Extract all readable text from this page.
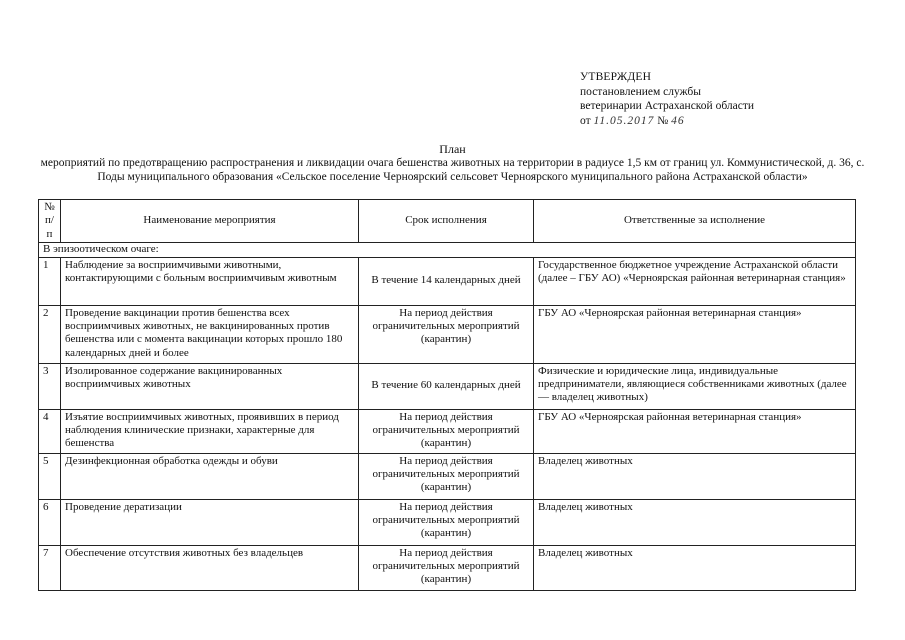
УТВЕРЖДЕН
постановлением службы
ветеринарии Астраханской области
от 11.05.2017 № 46
План
мероприятий по предотвращению распространения и ликвидации очага бешенства животных на территории в радиусе 1,5 км от границ ул. Коммунистической, д. 36, с. Поды муниципального образования «Сельское поселение Черноярский сельсовет Черноярского муниципального района Астраханской области»
№ п/п	Наименование мероприятия	Срок исполнения	Ответственные за исполнение
В эпизоотическом очаге:			
1	Наблюдение за восприимчивыми животными, контактирующими с больным восприимчивым животным	В течение 14 календарных дней	Государственное бюджетное учреждение Астраханской области (далее – ГБУ АО) «Черноярская районная ветеринарная станция»
2	Проведение вакцинации против бешенства всех восприимчивых животных, не вакцинированных против бешенства или с момента вакцинации которых прошло 180 календарных дней и более	На период действия ограничительных мероприятий (карантин)	ГБУ АО «Черноярская районная ветеринарная станция»
3	Изолированное содержание вакцинированных восприимчивых животных	В течение 60 календарных дней	Физические и юридические лица, индивидуальные предприниматели, являющиеся собственниками животных (далее — владелец животных)
4	Изъятие восприимчивых животных, проявивших в период наблюдения клинические признаки, характерные для бешенства	На период действия ограничительных мероприятий (карантин)	ГБУ АО «Черноярская районная ветеринарная станция»
5	Дезинфекционная обработка одежды и обуви	На период действия ограничительных мероприятий (карантин)	Владелец животных
6	Проведение дератизации	На период действия ограничительных мероприятий (карантин)	Владелец животных
7	Обеспечение отсутствия животных без владельцев	На период действия ограничительных мероприятий (карантин)	Владелец животных
